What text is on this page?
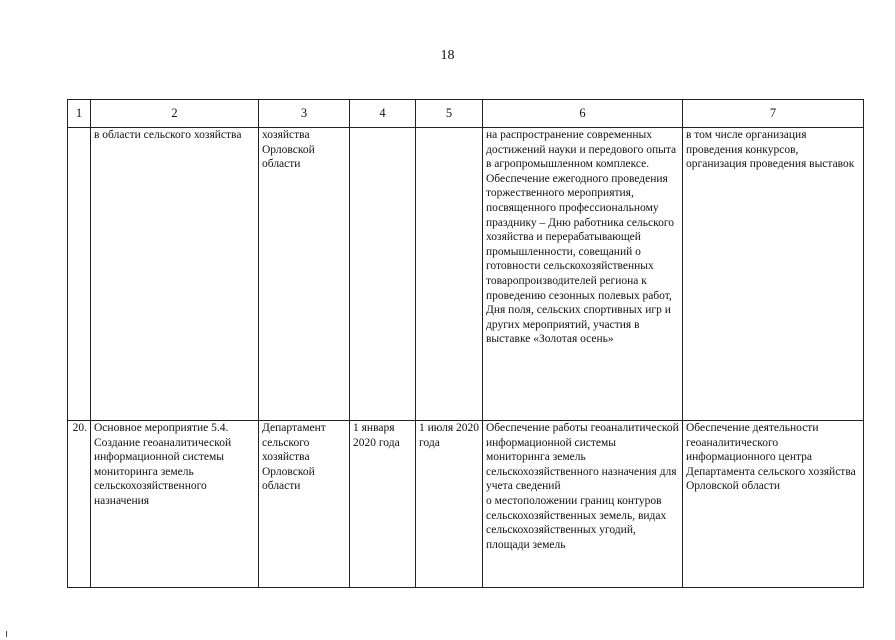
18
1	2	3	4	5	6	7
	в области сельского хозяйства	хозяйства Орловской области			на распространение современных достижений науки и передового опыта в агропромышленном комплексе.
Обеспечение ежегодного проведения торжественного мероприятия, посвященного профессиональному празднику – Дню работника сельского хозяйства и перерабатывающей промышленности, совещаний о готовности сельскохозяйственных товаропроизводителей региона к проведению сезонных полевых работ, Дня поля, сельских спортивных игр и других мероприятий, участия в выставке «Золотая осень»	в том числе организация проведения конкурсов, организация проведения выставок
20.	Основное мероприятие 5.4. Создание геоаналитической информационной системы мониторинга земель сельскохозяйственного назначения	Департамент сельского хозяйства Орловской области	1 января 2020 года	1 июля 2020 года	Обеспечение работы геоаналитической информационной системы мониторинга земель сельскохозяйственного назначения для учета сведений
о местоположении границ контуров сельскохозяйственных земель, видах сельскохозяйственных угодий, площади земель	Обеспечение деятельности геоаналитического информационного центра Департамента сельского хозяйства Орловской области
